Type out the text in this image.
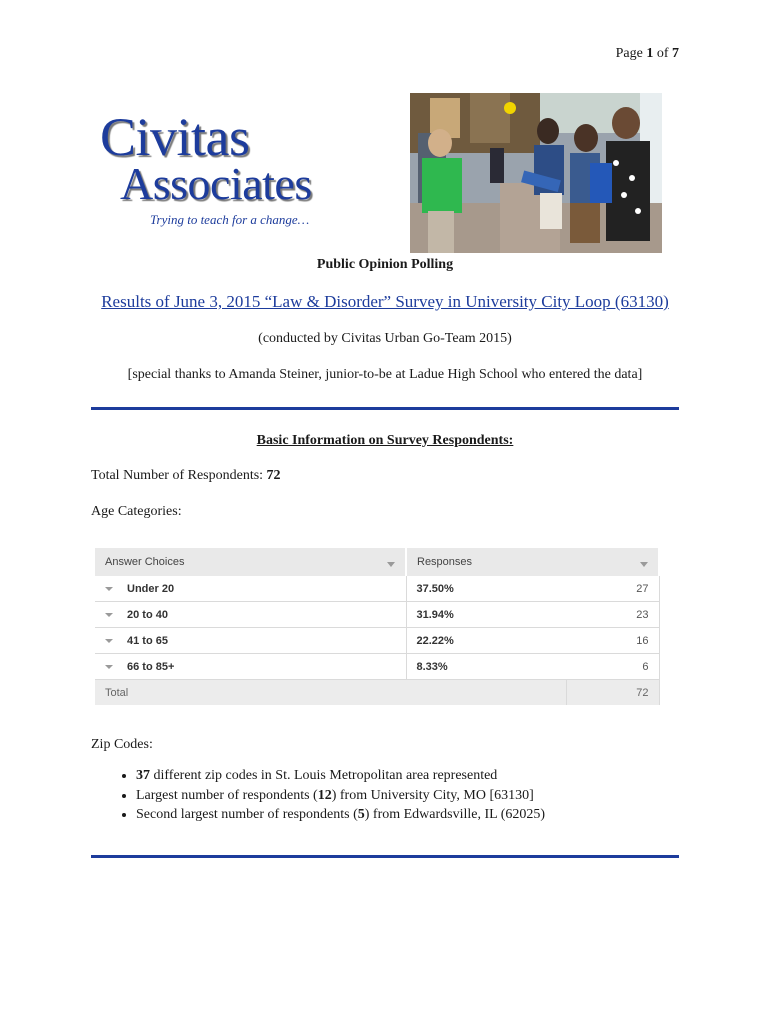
Page 1 of 7
Civitas
Associates
Trying to teach for a change…
Public Opinion Polling
Results of June 3, 2015 “Law & Disorder” Survey in University City Loop (63130)
(conducted by Civitas Urban Go-Team 2015)
[special thanks to Amanda Steiner, junior-to-be at Ladue High School who entered the data]
Basic Information on Survey Respondents:
Total Number of Respondents: 72
Age Categories:
Answer Choices	Responses	

Under 20	37.50%	27
20 to 40	31.94%	23
41 to 65	22.22%	16
66 to 85+	8.33%	6
Total		72
Zip Codes:
• 37 different zip codes in St. Louis Metropolitan area represented
• Largest number of respondents (12) from University City, MO [63130]
• Second largest number of respondents (5) from Edwardsville, IL (62025)
